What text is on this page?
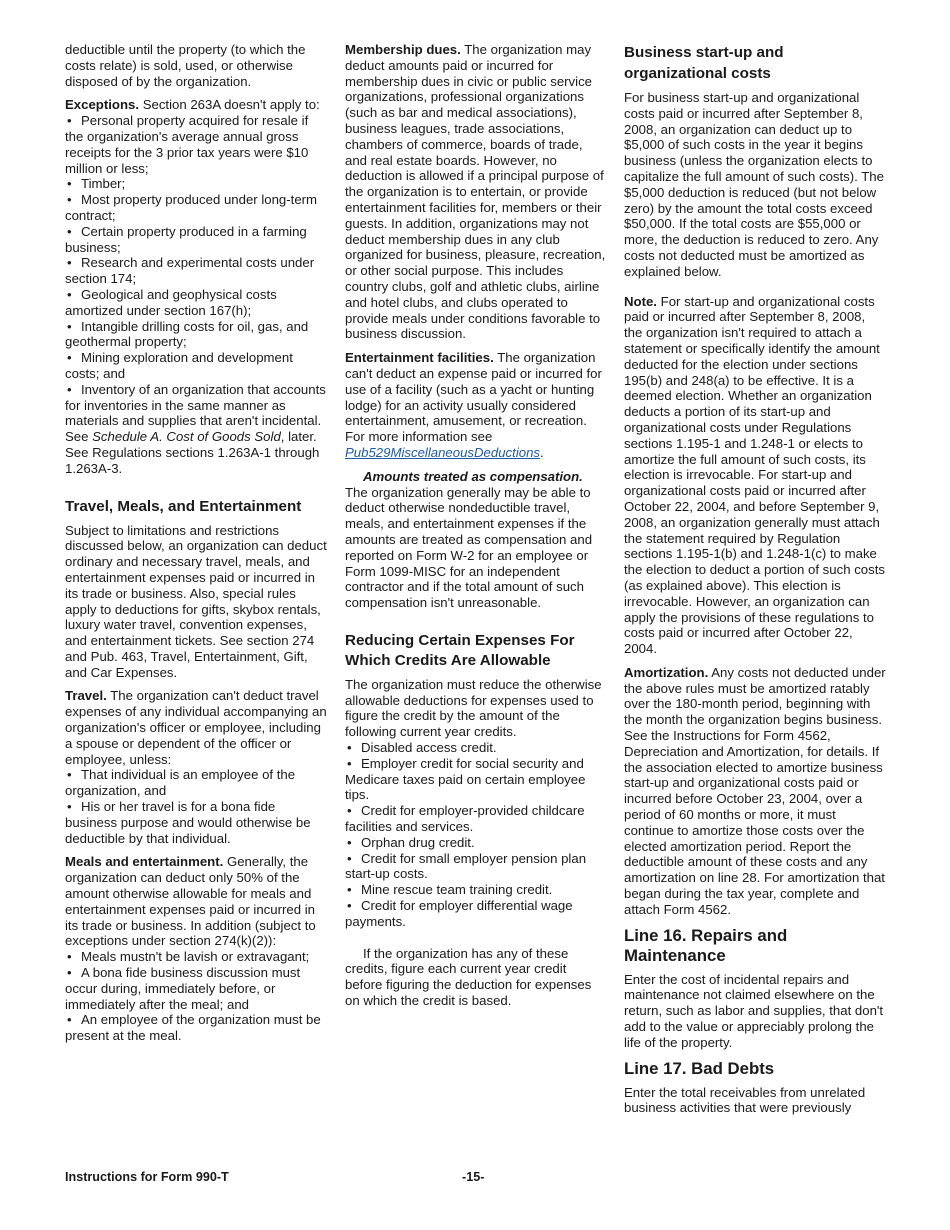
deductible until the property (to which the costs relate) is sold, used, or otherwise disposed of by the organization.

Exceptions. Section 263A doesn't apply to:

• Personal property acquired for resale if the organization's average annual gross receipts for the 3 prior tax years were $10 million or less;
• Timber;
• Most property produced under long-term contract;
• Certain property produced in a farming business;
• Research and experimental costs under section 174;
• Geological and geophysical costs amortized under section 167(h);
• Intangible drilling costs for oil, gas, and geothermal property;
• Mining exploration and development costs; and
• Inventory of an organization that accounts for inventories in the same manner as materials and supplies that aren't incidental. See Schedule A. Cost of Goods Sold, later.

See Regulations sections 1.263A-1 through 1.263A-3.

Travel, Meals, and Entertainment

Subject to limitations and restrictions discussed below, an organization can deduct ordinary and necessary travel, meals, and entertainment expenses paid or incurred in its trade or business. Also, special rules apply to deductions for gifts, skybox rentals, luxury water travel, convention expenses, and entertainment tickets. See section 274 and Pub. 463, Travel, Entertainment, Gift, and Car Expenses.

Travel. The organization can't deduct travel expenses of any individual accompanying an organization's officer or employee, including a spouse or dependent of the officer or employee, unless:

• That individual is an employee of the organization, and
• His or her travel is for a bona fide business purpose and would otherwise be deductible by that individual.

Meals and entertainment. Generally, the organization can deduct only 50% of the amount otherwise allowable for meals and entertainment expenses paid or incurred in its trade or business. In addition (subject to exceptions under section 274(k)(2)):

• Meals mustn't be lavish or extravagant;
• A bona fide business discussion must occur during, immediately before, or immediately after the meal; and
• An employee of the organization must be present at the meal.

Membership dues. The organization may deduct amounts paid or incurred for membership dues in civic or public service organizations, professional organizations (such as bar and medical associations), business leagues, trade associations, chambers of commerce, boards of trade, and real estate boards. However, no deduction is allowed if a principal purpose of the organization is to entertain, or provide entertainment facilities for, members or their guests. In addition, organizations may not deduct membership dues in any club organized for business, pleasure, recreation, or other social purpose. This includes country clubs, golf and athletic clubs, airline and hotel clubs, and clubs operated to provide meals under conditions favorable to business discussion.

Entertainment facilities. The organization can't deduct an expense paid or incurred for use of a facility (such as a yacht or hunting lodge) for an activity usually considered entertainment, amusement, or recreation. For more information see Pub529MiscellaneousDeductions.

Amounts treated as compensation.
The organization generally may be able to deduct otherwise nondeductible travel, meals, and entertainment expenses if the amounts are treated as compensation and reported on Form W-2 for an employee or Form 1099-MISC for an independent contractor and if the total amount of such compensation isn't unreasonable.

Reducing Certain Expenses For Which Credits Are Allowable

The organization must reduce the otherwise allowable deductions for expenses used to figure the credit by the amount of the following current year credits.

• Disabled access credit.
• Employer credit for social security and Medicare taxes paid on certain employee tips.
• Credit for employer-provided childcare facilities and services.
• Orphan drug credit.
• Credit for small employer pension plan start-up costs.
• Mine rescue team training credit.
• Credit for employer differential wage payments.

If the organization has any of these credits, figure each current year credit before figuring the deduction for expenses on which the credit is based.

Business start-up and organizational costs

For business start-up and organizational costs paid or incurred after September 8, 2008, an organization can deduct up to $5,000 of such costs in the year it begins business (unless the organization elects to capitalize the full amount of such costs). The $5,000 deduction is reduced (but not below zero) by the amount the total costs exceed $50,000. If the total costs are $55,000 or more, the deduction is reduced to zero. Any costs not deducted must be amortized as explained below.

Note. For start-up and organizational costs paid or incurred after September 8, 2008, the organization isn't required to attach a statement or specifically identify the amount deducted for the election under sections 195(b) and 248(a) to be effective. It is a deemed election. Whether an organization deducts a portion of its start-up and organizational costs under Regulations sections 1.195-1 and 1.248-1 or elects to amortize the full amount of such costs, its election is irrevocable. For start-up and organizational costs paid or incurred after October 22, 2004, and before September 9, 2008, an organization generally must attach the statement required by Regulation sections 1.195-1(b) and 1.248-1(c) to make the election to deduct a portion of such costs (as explained above). This election is irrevocable. However, an organization can apply the provisions of these regulations to costs paid or incurred after October 22, 2004.

Amortization. Any costs not deducted under the above rules must be amortized ratably over the 180-month period, beginning with the month the organization begins business. See the Instructions for Form 4562, Depreciation and Amortization, for details. If the association elected to amortize business start-up and organizational costs paid or incurred before October 23, 2004, over a period of 60 months or more, it must continue to amortize those costs over the elected amortization period. Report the deductible amount of these costs and any amortization on line 28. For amortization that began during the tax year, complete and attach Form 4562.

Line 16. Repairs and Maintenance

Enter the cost of incidental repairs and maintenance not claimed elsewhere on the return, such as labor and supplies, that don't add to the value or appreciably prolong the life of the property.

Line 17. Bad Debts

Enter the total receivables from unrelated business activities that were previously

Instructions for Form 990-T	-15-
